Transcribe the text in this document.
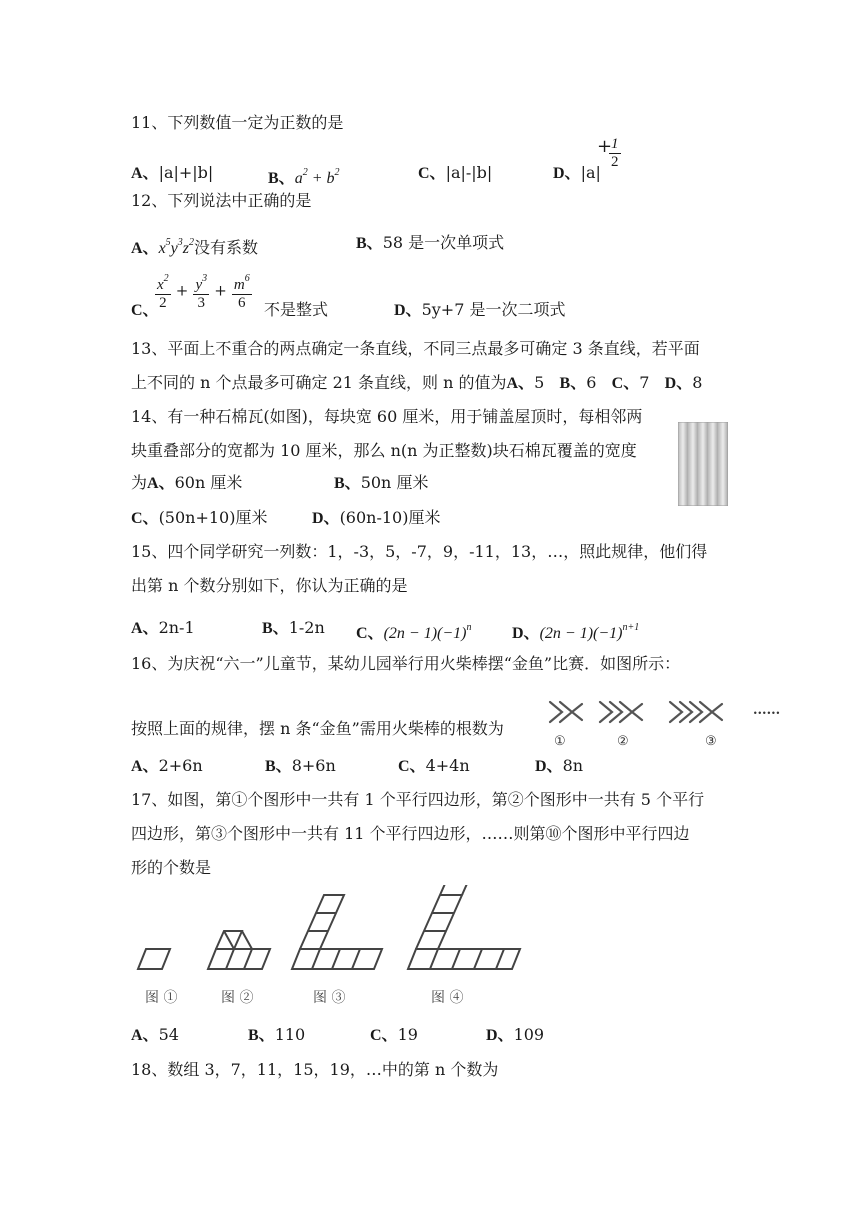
11、下列数值一定为正数的是
A、|a|+|b|	B、$a^2 + b^2$	C、|a|-|b|	D、|a|
+
$\frac{1}{2}$
12、下列说法中正确的是
A、$x^5y^3z^2$没有系数	B、58 是一次单项式
C、
$\frac{x^2}{2} + \frac{y^3}{3} + \frac{m^6}{6}$ 不是整式	D、5y+7 是一次二项式
13、平面上不重合的两点确定一条直线，不同三点最多可确定 3 条直线，若平面
上不同的 n 个点最多可确定 21 条直线，则 n 的值为A、5 B、6 C、7 D、8
14、有一种石棉瓦(如图)，每块宽 60 厘米，用于铺盖屋顶时，每相邻两
块重叠部分的宽都为 10 厘米，那么 n(n 为正整数)块石棉瓦覆盖的宽度
为A、60n 厘米	B、50n 厘米
C、(50n+10)厘米	D、(60n-10)厘米
15、四个同学研究一列数：1，-3，5，-7，9，-11，13，…，照此规律，他们得
出第 n 个数分别如下，你认为正确的是
A、2n-1	B、1-2n C、$(2n - 1)(-1)^n$	D、$(2n - 1)(-1)^{n+1}$
16、为庆祝“六一”儿童节，某幼儿园举行用火柴棒摆“金鱼”比赛．如图所示：
按照上面的规律，摆 n 条“金鱼”需用火柴棒的根数为
......
①	②	③
A、2+6n	B、8+6n	C、4+4n	D、8n
17、如图，第①个图形中一共有 1 个平行四边形，第②个图形中一共有 5 个平行
四边形，第③个图形中一共有 11 个平行四边形，……则第⑩个图形中平行四边
形的个数是
图 ①	图 ②	图 ③	图 ④
A、54	B、110	C、19	D、109
18、数组 3，7，11，15，19，…中的第 n 个数为
